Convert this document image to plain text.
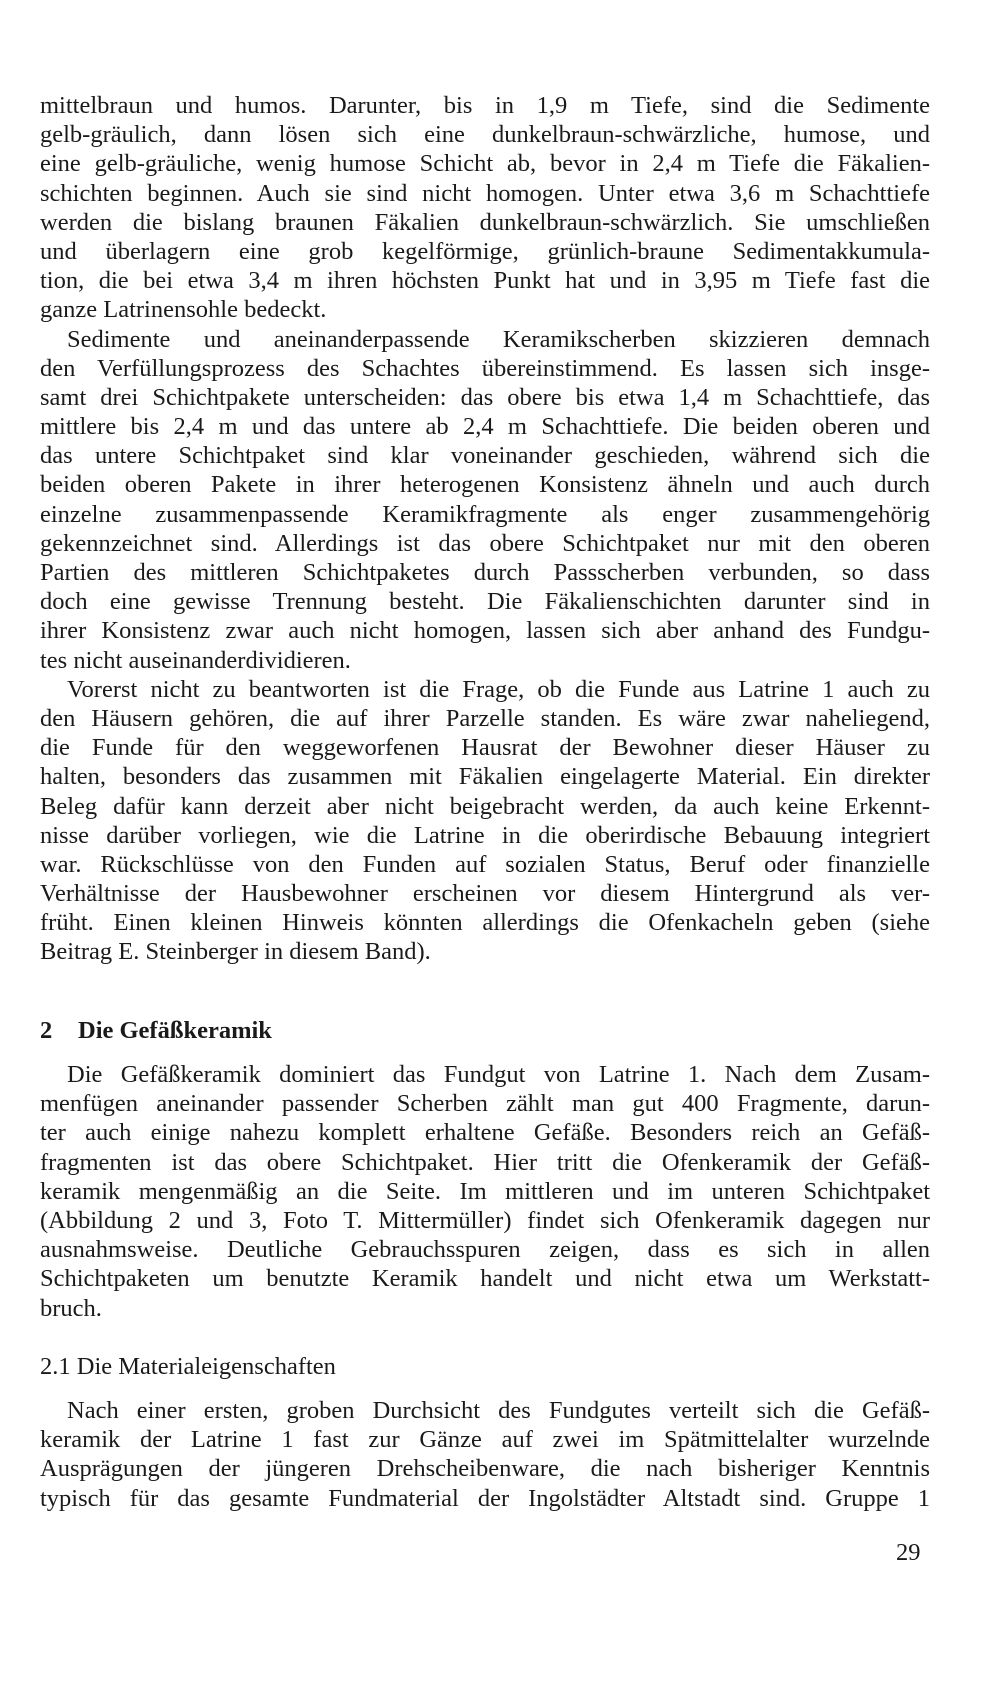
mittelbraun und humos. Darunter, bis in 1,9 m Tiefe, sind die Sedimente
gelb-gräulich, dann lösen sich eine dunkelbraun-schwärzliche, humose, und
eine gelb-gräuliche, wenig humose Schicht ab, bevor in 2,4 m Tiefe die Fäkalien-
schichten beginnen. Auch sie sind nicht homogen. Unter etwa 3,6 m Schachttiefe
werden die bislang braunen Fäkalien dunkelbraun-schwärzlich. Sie umschließen
und überlagern eine grob kegelförmige, grünlich-braune Sedimentakkumula-
tion, die bei etwa 3,4 m ihren höchsten Punkt hat und in 3,95 m Tiefe fast die
ganze Latrinensohle bedeckt.
Sedimente und aneinanderpassende Keramikscherben skizzieren demnach
den Verfüllungsprozess des Schachtes übereinstimmend. Es lassen sich insge-
samt drei Schichtpakete unterscheiden: das obere bis etwa 1,4 m Schachttiefe, das
mittlere bis 2,4 m und das untere ab 2,4 m Schachttiefe. Die beiden oberen und
das untere Schichtpaket sind klar voneinander geschieden, während sich die
beiden oberen Pakete in ihrer heterogenen Konsistenz ähneln und auch durch
einzelne zusammenpassende Keramikfragmente als enger zusammengehörig
gekennzeichnet sind. Allerdings ist das obere Schichtpaket nur mit den oberen
Partien des mittleren Schichtpaketes durch Passscherben verbunden, so dass
doch eine gewisse Trennung besteht. Die Fäkalienschichten darunter sind in
ihrer Konsistenz zwar auch nicht homogen, lassen sich aber anhand des Fundgu-
tes nicht auseinanderdividieren.
Vorerst nicht zu beantworten ist die Frage, ob die Funde aus Latrine 1 auch zu
den Häusern gehören, die auf ihrer Parzelle standen. Es wäre zwar naheliegend,
die Funde für den weggeworfenen Hausrat der Bewohner dieser Häuser zu
halten, besonders das zusammen mit Fäkalien eingelagerte Material. Ein direkter
Beleg dafür kann derzeit aber nicht beigebracht werden, da auch keine Erkennt-
nisse darüber vorliegen, wie die Latrine in die oberirdische Bebauung integriert
war. Rückschlüsse von den Funden auf sozialen Status, Beruf oder finanzielle
Verhältnisse der Hausbewohner erscheinen vor diesem Hintergrund als ver-
früht. Einen kleinen Hinweis könnten allerdings die Ofenkacheln geben (siehe
Beitrag E. Steinberger in diesem Band).
2 Die Gefäßkeramik
Die Gefäßkeramik dominiert das Fundgut von Latrine 1. Nach dem Zusam-
menfügen aneinander passender Scherben zählt man gut 400 Fragmente, darun-
ter auch einige nahezu komplett erhaltene Gefäße. Besonders reich an Gefäß-
fragmenten ist das obere Schichtpaket. Hier tritt die Ofenkeramik der Gefäß-
keramik mengenmäßig an die Seite. Im mittleren und im unteren Schichtpaket
(Abbildung 2 und 3, Foto T. Mittermüller) findet sich Ofenkeramik dagegen nur
ausnahmsweise. Deutliche Gebrauchsspuren zeigen, dass es sich in allen
Schichtpaketen um benutzte Keramik handelt und nicht etwa um Werkstatt-
bruch.
2.1 Die Materialeigenschaften
Nach einer ersten, groben Durchsicht des Fundgutes verteilt sich die Gefäß-
keramik der Latrine 1 fast zur Gänze auf zwei im Spätmittelalter wurzelnde
Ausprägungen der jüngeren Drehscheibenware, die nach bisheriger Kenntnis
typisch für das gesamte Fundmaterial der Ingolstädter Altstadt sind. Gruppe 1
29
